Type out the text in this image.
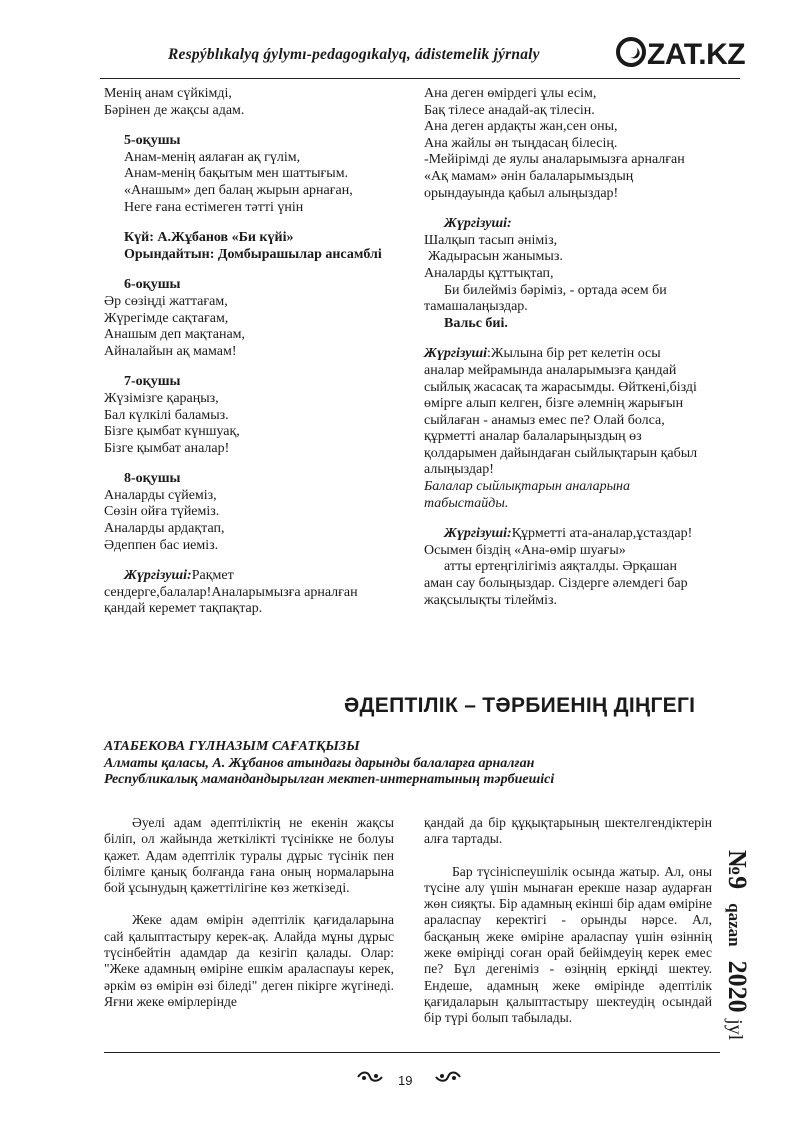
Respýblıkalyq ǵylymı-pedagogıkalyq, ádistemelik jýrnaly	ZAT.KZ

Менің анам сүйкімді,

Бәрінен де жақсы адам.

5-оқушы

Анам-менің аялаған ақ гүлім,

Анам-менің бақытым мен шаттығым.

«Анашым» деп балаң жырын арнаған,

Неге ғана естімеген тәтті үнін

Күй: А.Жұбанов «Би күйі»

Орындайтын: Домбырашылар ансамблі

6-оқушы

Әр сөзіңді жаттағам,

Жүрегімде сақтағам,

Анашым деп мақтанам,

Айналайын ақ мамам!

7-оқушы

Жүзімізге қараңыз,

Бал күлкілі баламыз.

Бізге қымбат күншуақ,

Бізге қымбат аналар!

8-оқушы

Аналарды сүйеміз,

Сөзін ойға түйеміз.

Аналарды ардақтап,

Әдеппен бас иеміз.

Жүргізуші:Рақмет

сендерге,балалар!Аналарымызға арналған

қандай керемет тақпақтар.

Ана деген өмірдегі ұлы есім,

Бақ тілесе анадай-ақ тілесін.

Ана деген ардақты жан,сен оны,

Ана жайлы ән тыңдасаң білесің.

-Мейірімді де яулы аналарымызға арналған

«Ақ мамам» әнін балаларымыздың

орындауында қабыл алыңыздар!

Жүргізуші:

Шалқып тасып әніміз,

Жадырасын жанымыз.

Аналарды құттықтап,

Би билейміз бәріміз, - ортада әсем би

тамашалаңыздар.

Вальс биі.

Жүргізуші:Жылына бір рет келетін осы

аналар мейрамында аналарымызға қандай

сыйлық жасасақ та жарасымды. Өйткені,бізді

өмірге алып келген, бізге әлемнің жарығын

сыйлаған - анамыз емес пе? Олай болса,

құрметті аналар балаларыңыздың өз

қолдарымен дайындаған сыйлықтарын қабыл

алыңыздар!

Балалар сыйлықтарын аналарына

табыстайды.

Жүргізуші:Құрметті ата-аналар,ұстаздар!

Осымен біздің «Ана-өмір шуағы»

атты ертеңгілігіміз аяқталды. Әрқашан

аман сау болыңыздар. Сіздерге әлемдегі бар

жақсылықты тілейміз.

ӘДЕПТІЛІК – ТӘРБИЕНІҢ ДІҢГЕГІ

АТАБЕКОВА ГҮЛНАЗЫМ САҒАТҚЫЗЫ

Алматы қаласы, А. Жұбанов атындағы дарынды балаларға арналған

Республикалық мамандандырылған мектеп-интернатының тәрбиешісі

Әуелі адам әдептіліктің не екенін жақсы біліп, ол жайында жеткілікті түсінікке не болуы қажет. Адам әдептілік туралы дұрыс түсінік пен білімге қанық болғанда ғана оның нормаларына бой ұсынудың қажеттілігіне көз жеткізеді.

Жеке адам өмірін әдептілік қағидаларына сай қалыптастыру керек-ақ. Алайда мұны дұрыс түсінбейтін адамдар да кезігіп қалады. Олар: "Жеке адамның өміріне ешкім араласпауы керек, әркім өз өмірін өзі біледі" деген пікірге жүгінеді. Яғни жеке өмірлерінде

қандай да бір құқықтарының шектелгендіктерін алға тартады.

Бар түсініспеушілік осында жатыр. Ал, оны түсіне алу үшін мынаған ерекше назар аударған жөн сияқты. Бір адамның екінші бір адам өміріне араласпау керектігі - орынды нәрсе. Ал, басқаның жеке өміріне араласпау үшін өзіннің жеке өміріңді соған орай бейімдеуің керек емес пе? Бұл дегеніміз - өзіңнің еркіңді шектеу. Ендеше, адамның жеке өмірінде әдептілік қағидаларын қалыптастыру шектеудің осындай бір түрі болып табылады.

№9qazan2020 jyl
19
